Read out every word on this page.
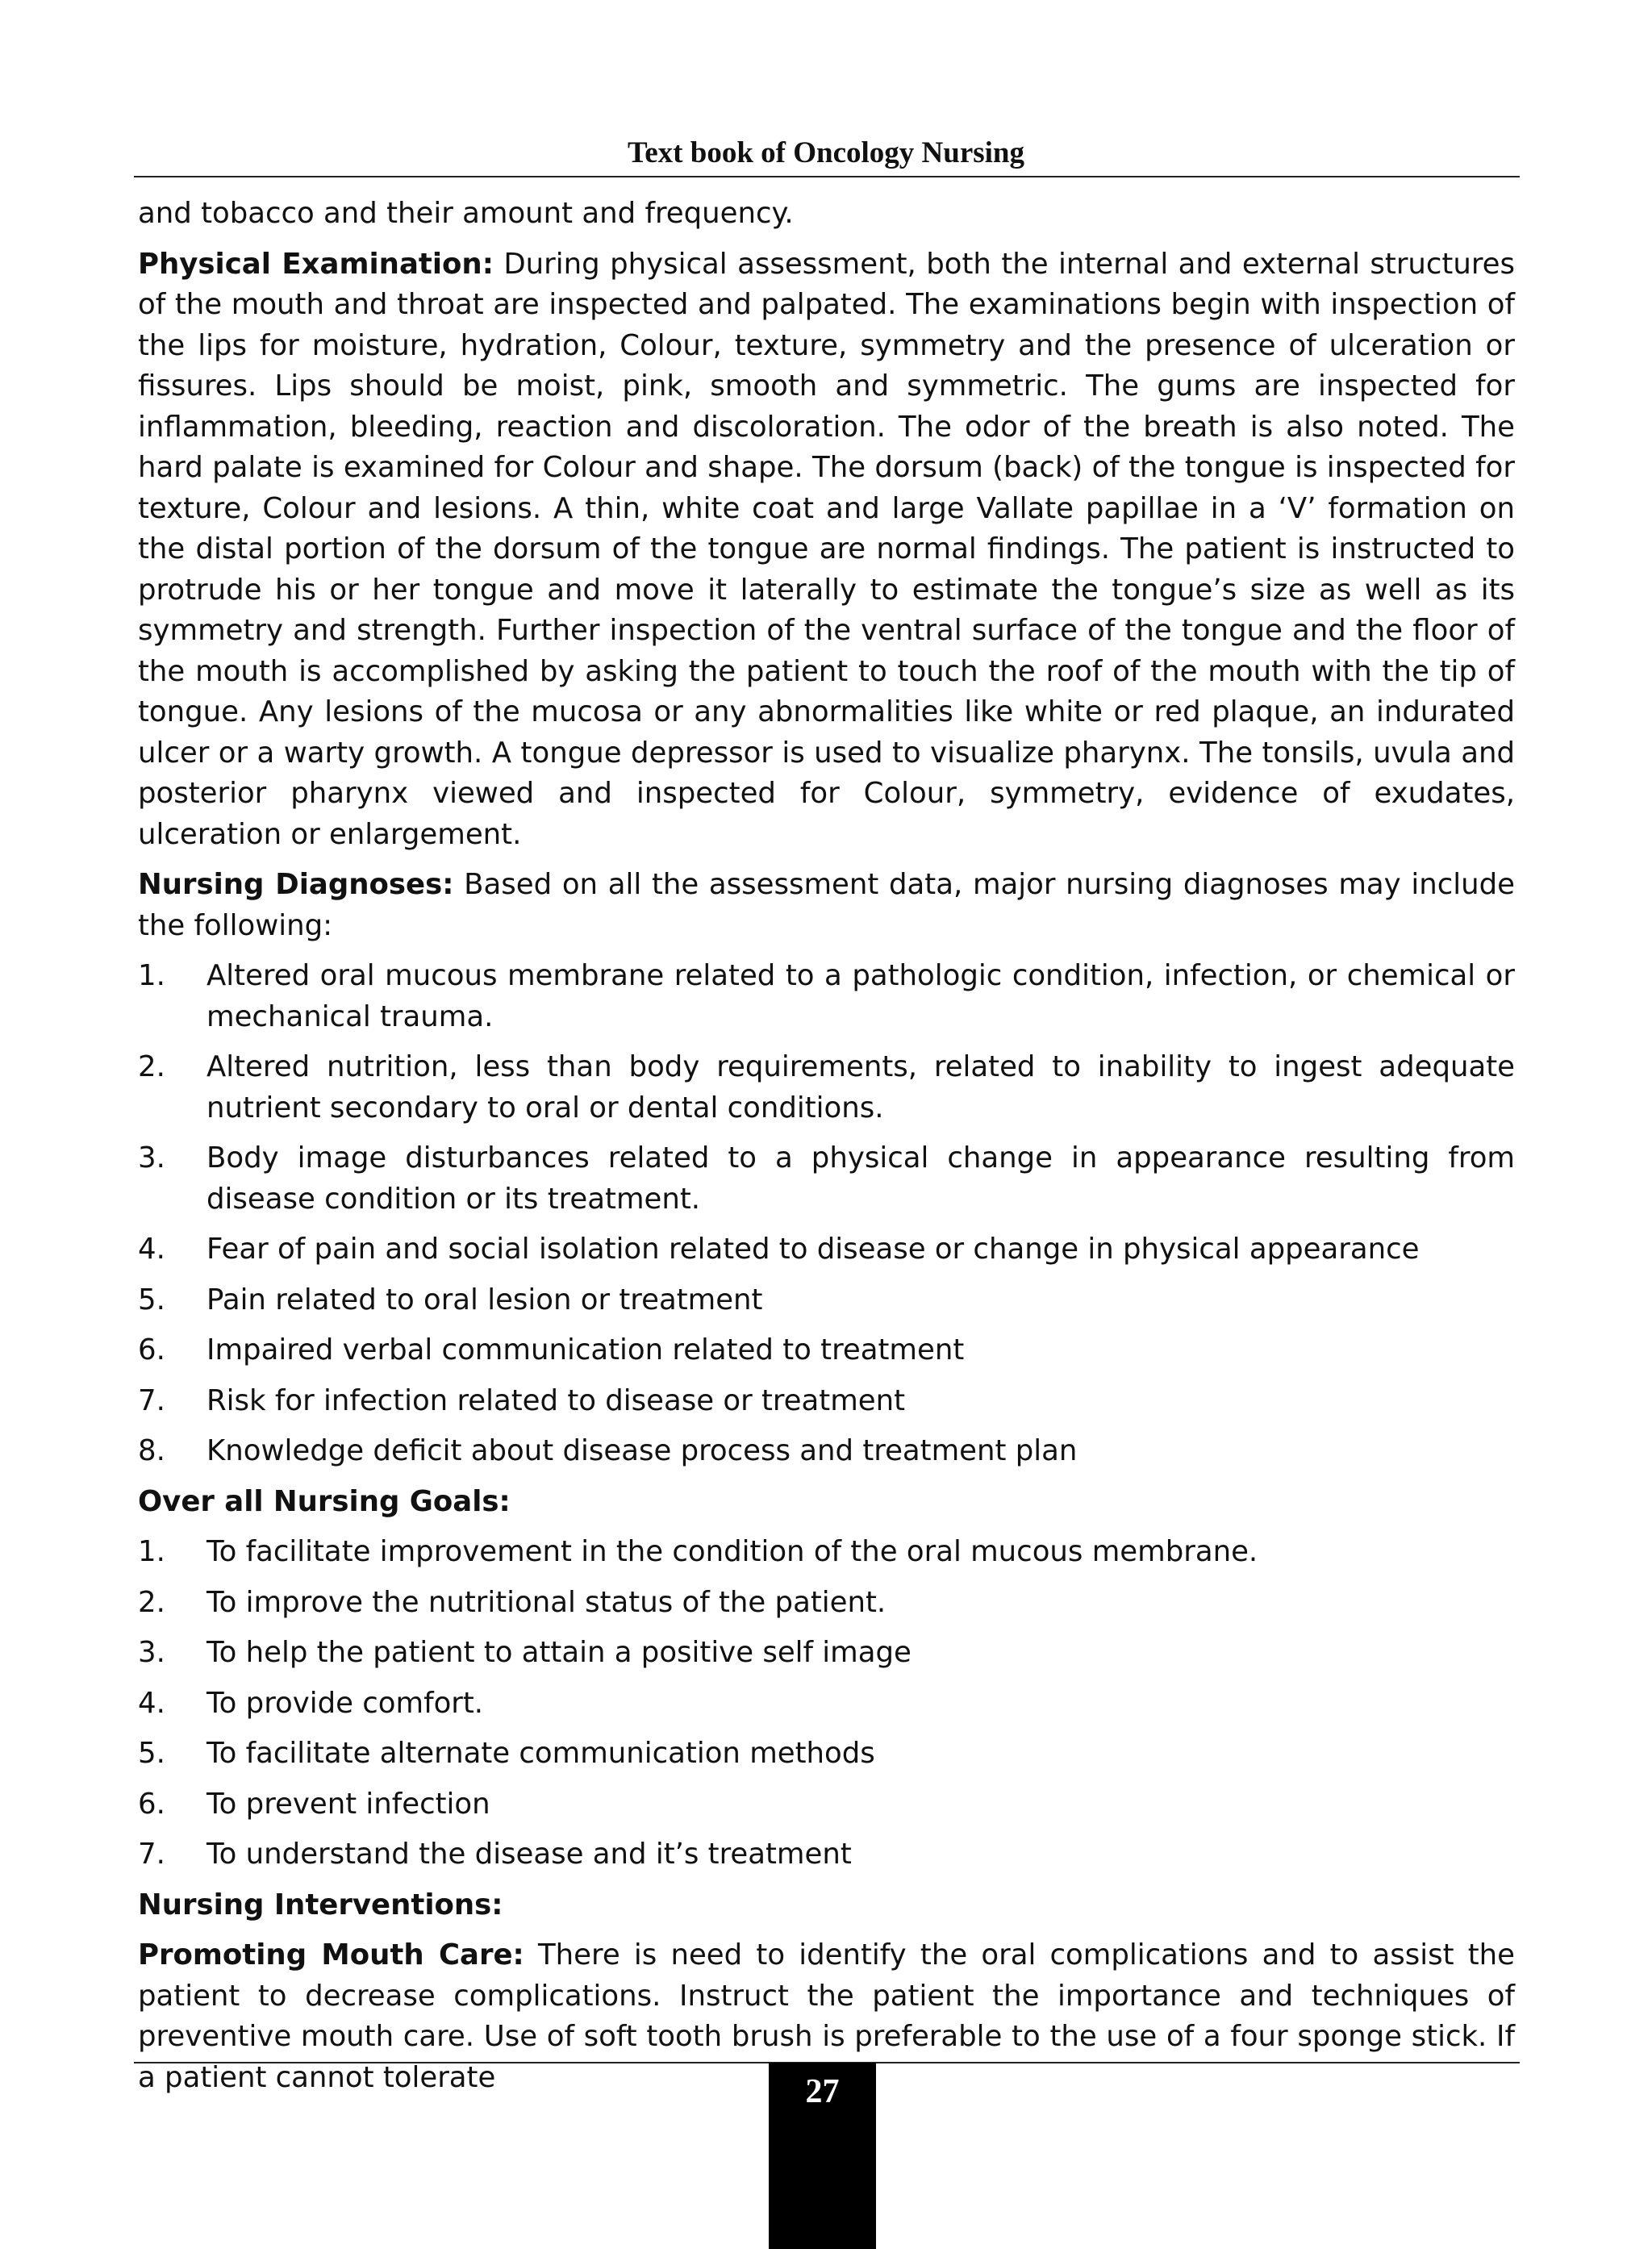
Text book of Oncology Nursing

and tobacco and their amount and frequency.

Physical Examination: During physical assessment, both the internal and external structures of the mouth and throat are inspected and palpated. The examinations begin with inspection of the lips for moisture, hydration, Colour, texture, symmetry and the presence of ulceration or fissures. Lips should be moist, pink, smooth and symmetric. The gums are inspected for inflammation, bleeding, reaction and discoloration. The odor of the breath is also noted. The hard palate is examined for Colour and shape. The dorsum (back) of the tongue is inspected for texture, Colour and lesions. A thin, white coat and large Vallate papillae in a ‘V’ formation on the distal portion of the dorsum of the tongue are normal findings. The patient is instructed to protrude his or her tongue and move it laterally to estimate the tongue’s size as well as its symmetry and strength. Further inspection of the ventral surface of the tongue and the floor of the mouth is accomplished by asking the patient to touch the roof of the mouth with the tip of tongue. Any lesions of the mucosa or any abnormalities like white or red plaque, an indurated ulcer or a warty growth. A tongue depressor is used to visualize pharynx. The tonsils, uvula and posterior pharynx viewed and inspected for Colour, symmetry, evidence of exudates, ulceration or enlargement.

Nursing Diagnoses: Based on all the assessment data, major nursing diagnoses may include the following:

1.	Altered oral mucous membrane related to a pathologic condition, infection, or chemical or mechanical trauma.
2.	Altered nutrition, less than body requirements, related to inability to ingest adequate nutrient secondary to oral or dental conditions.
3.	Body image disturbances related to a physical change in appearance resulting from disease condition or its treatment.
4.	Fear of pain and social isolation related to disease or change in physical appearance
5.	Pain related to oral lesion or treatment
6.	Impaired verbal communication related to treatment
7.	Risk for infection related to disease or treatment
8.	Knowledge deficit about disease process and treatment plan

Over all Nursing Goals:

1.	To facilitate improvement in the condition of the oral mucous membrane.
2.	To improve the nutritional status of the patient.
3.	To help the patient to attain a positive self image
4.	To provide comfort.
5.	To facilitate alternate communication methods
6.	To prevent infection
7.	To understand the disease and it’s treatment

Nursing Interventions:

Promoting Mouth Care: There is need to identify the oral complications and to assist the patient to decrease complications. Instruct the patient the importance and techniques of preventive mouth care. Use of soft tooth brush is preferable to the use of a four sponge stick. If a patient cannot tolerate	27
